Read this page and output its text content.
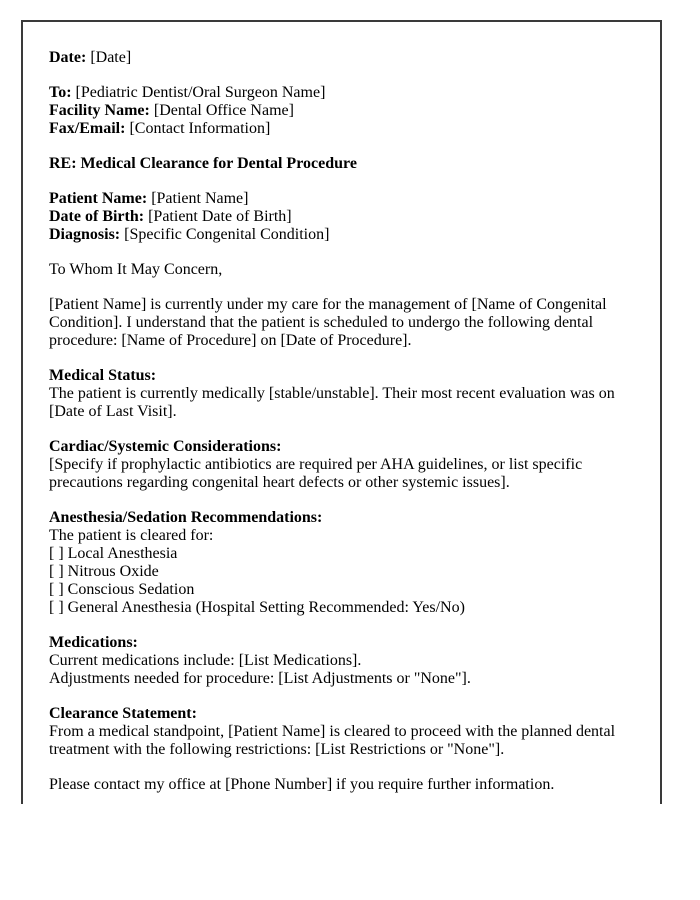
Date: [Date]
To: [Pediatric Dentist/Oral Surgeon Name]
Facility Name: [Dental Office Name]
Fax/Email: [Contact Information]
RE: Medical Clearance for Dental Procedure
Patient Name: [Patient Name]
Date of Birth: [Patient Date of Birth]
Diagnosis: [Specific Congenital Condition]
To Whom It May Concern,
[Patient Name] is currently under my care for the management of [Name of Congenital Condition]. I understand that the patient is scheduled to undergo the following dental procedure: [Name of Procedure] on [Date of Procedure].
Medical Status:
The patient is currently medically [stable/unstable]. Their most recent evaluation was on [Date of Last Visit].
Cardiac/Systemic Considerations:
[Specify if prophylactic antibiotics are required per AHA guidelines, or list specific precautions regarding congenital heart defects or other systemic issues].
Anesthesia/Sedation Recommendations:
The patient is cleared for:
[ ] Local Anesthesia
[ ] Nitrous Oxide
[ ] Conscious Sedation
[ ] General Anesthesia (Hospital Setting Recommended: Yes/No)
Medications:
Current medications include: [List Medications].
Adjustments needed for procedure: [List Adjustments or "None"].
Clearance Statement:
From a medical standpoint, [Patient Name] is cleared to proceed with the planned dental treatment with the following restrictions: [List Restrictions or "None"].
Please contact my office at [Phone Number] if you require further information.
